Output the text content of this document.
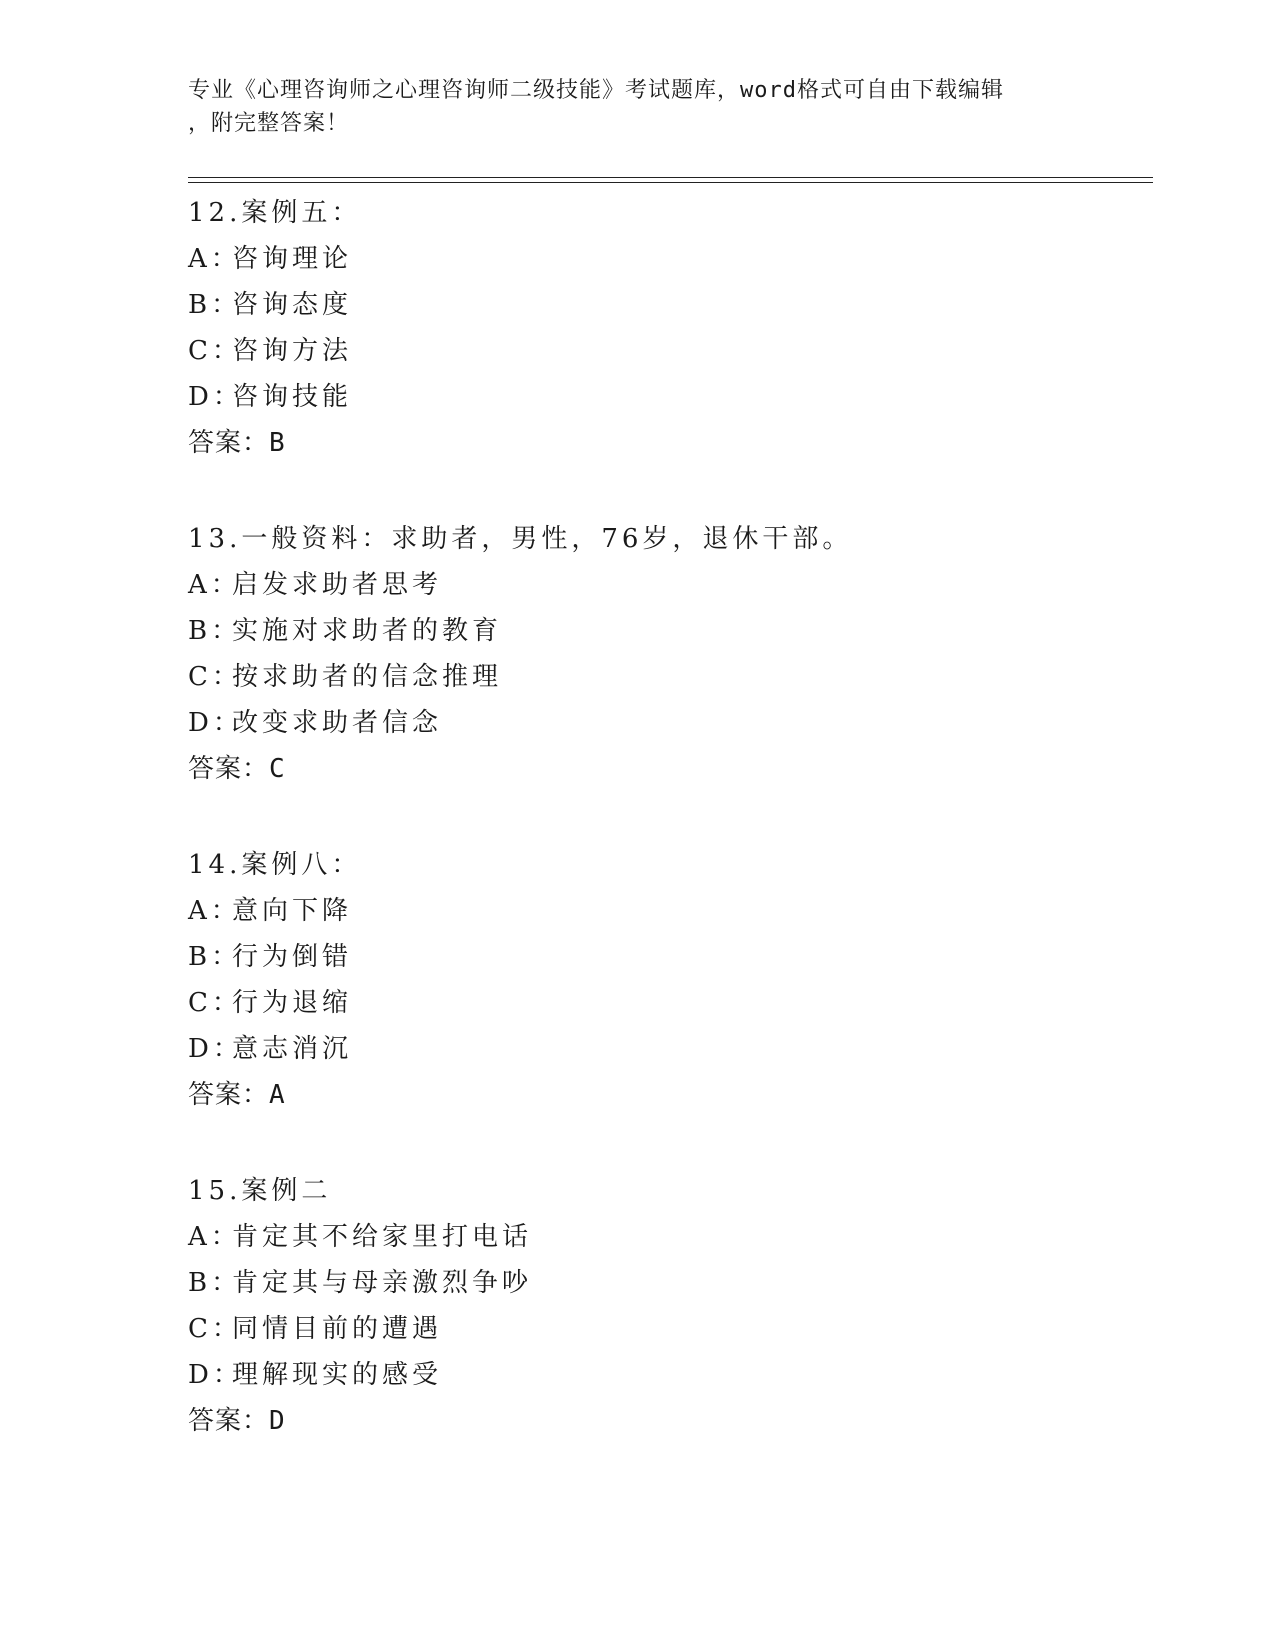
专业《心理咨询师之心理咨询师二级技能》考试题库，word格式可自由下载编辑
，附完整答案！
12.案例五：
A：咨询理论
B：咨询态度
C：咨询方法
D：咨询技能
答案：B
13.一般资料：求助者，男性，76岁，退休干部。
A：启发求助者思考
B：实施对求助者的教育
C：按求助者的信念推理
D：改变求助者信念
答案：C
14.案例八：
A：意向下降
B：行为倒错
C：行为退缩
D：意志消沉
答案：A
15.案例二
A：肯定其不给家里打电话
B：肯定其与母亲激烈争吵
C：同情目前的遭遇
D：理解现实的感受
答案：D
